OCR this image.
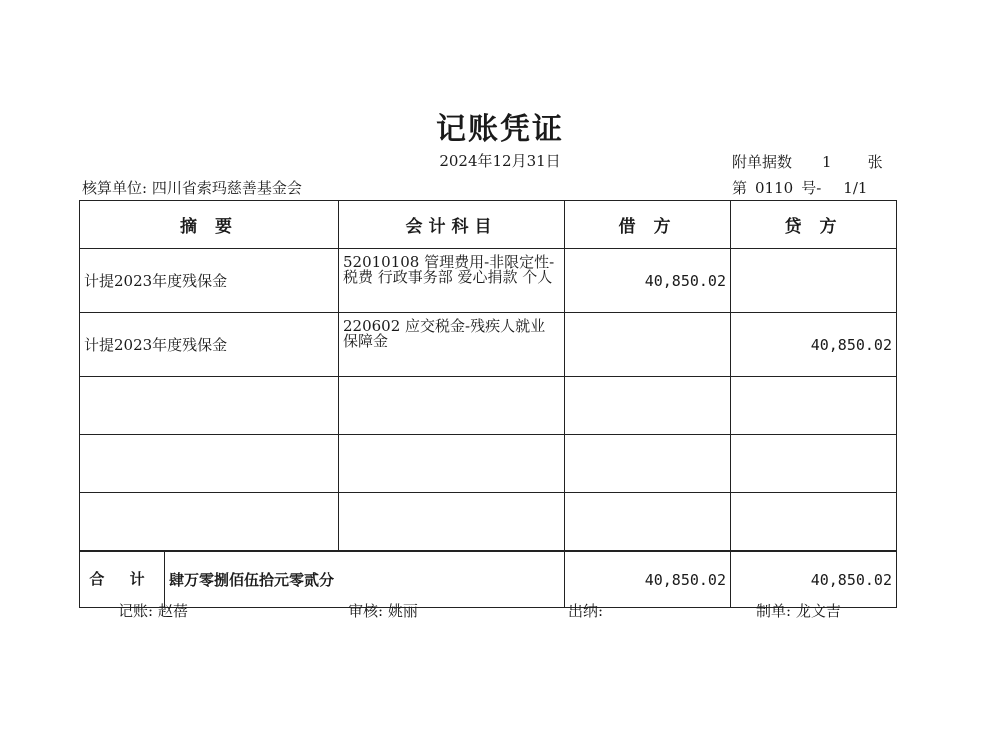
记账凭证
2024年12月31日	附单据数 1 张
核算单位: 四川省索玛慈善基金会	第 0110 号- 1/1
摘 要	会计科目	借 方	贷 方
计提2023年度残保金	52010108 管理费用-非限定性-税费 行政事务部 爱心捐款 个人	40,850.02	
计提2023年度残保金	220602 应交税金-残疾人就业保障金		40,850.02

合 计 肆万零捌佰伍拾元零贰分		40,850.02	40,850.02
记账: 赵蓓	审核: 姚丽	出纳:	制单: 龙文吉
